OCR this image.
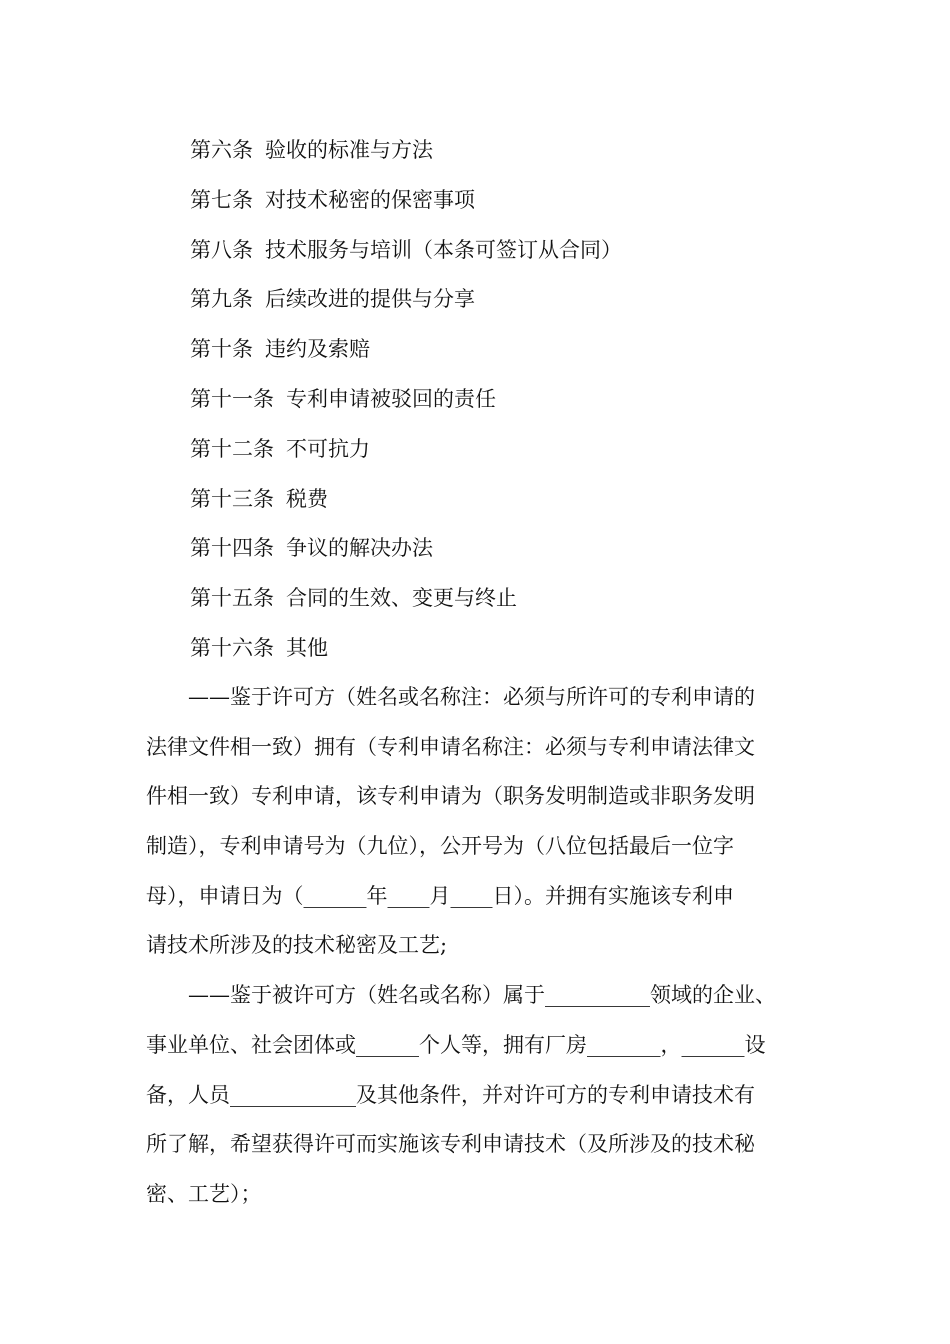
第六条 验收的标准与方法
第七条 对技术秘密的保密事项
第八条 技术服务与培训（本条可签订从合同）
第九条 后续改进的提供与分享
第十条 违约及索赔
第十一条 专利申请被驳回的责任
第十二条 不可抗力
第十三条 税费
第十四条 争议的解决办法
第十五条 合同的生效、变更与终止
第十六条 其他
　　——鉴于许可方（姓名或名称注：必须与所许可的专利申请的
法律文件相一致）拥有（专利申请名称注：必须与专利申请法律文
件相一致）专利申请，该专利申请为（职务发明制造或非职务发明
制造），专利申请号为（九位），公开号为（八位包括最后一位字
母），申请日为（______年____月____日）。并拥有实施该专利申
请技术所涉及的技术秘密及工艺;
　　——鉴于被许可方（姓名或名称）属于__________领域的企业、
事业单位、社会团体或______个人等，拥有厂房_______，______设
备，人员____________及其他条件，并对许可方的专利申请技术有
所了解，希望获得许可而实施该专利申请技术（及所涉及的技术秘
密、工艺）；
